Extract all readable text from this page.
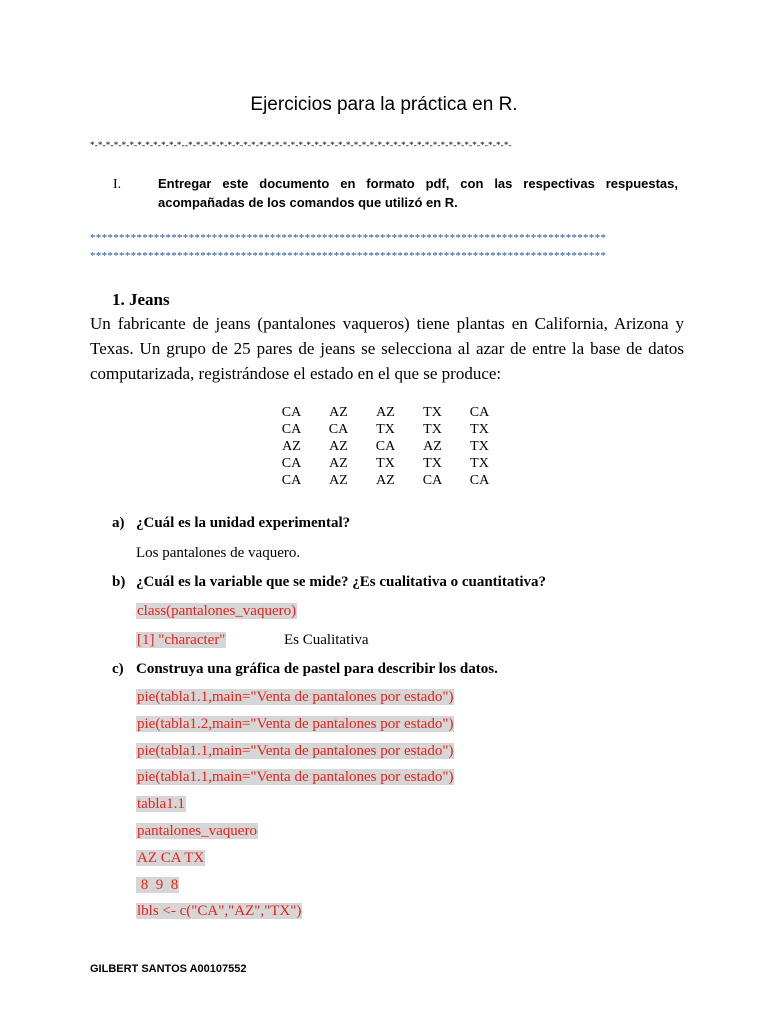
Ejercicios para la práctica en R.
*-*-*-*-*-*-*-*-*-*-*-*--*-*-*-*-*-*-*-*-*-*-*-*-*-*-*-*-*-*-*-*-*-*-*-*-*-*-*-*-*-*-*-*-*-*-*-*-*-*-*-*-*-
I.	Entregar este documento en formato pdf, con las respectivas respuestas, acompañadas de los comandos que utilizó en R.
*****************************************************************************************
*****************************************************************************************
1. Jeans
Un fabricante de jeans (pantalones vaqueros) tiene plantas en California, Arizona y Texas. Un grupo de 25 pares de jeans se selecciona al azar de entre la base de datos computarizada, registrándose el estado en el que se produce:
CA	AZ	AZ	TX	CA
CA	CA	TX	TX	TX
AZ	AZ	CA	AZ	TX
CA	AZ	TX	TX	TX
CA	AZ	AZ	CA	CA
a) ¿Cuál es la unidad experimental?
Los pantalones de vaquero.
b) ¿Cuál es la variable que se mide? ¿Es cualitativa o cuantitativa?
class(pantalones_vaquero)
[1] "character"	Es Cualitativa
c) Construya una gráfica de pastel para describir los datos.
pie(tabla1.1,main="Venta de pantalones por estado")
pie(tabla1.2,main="Venta de pantalones por estado")
pie(tabla1.1,main="Venta de pantalones por estado")
pie(tabla1.1,main="Venta de pantalones por estado")
tabla1.1
pantalones_vaquero
AZ CA TX
8  9  8
lbls <- c("CA","AZ","TX")
GILBERT SANTOS A00107552
